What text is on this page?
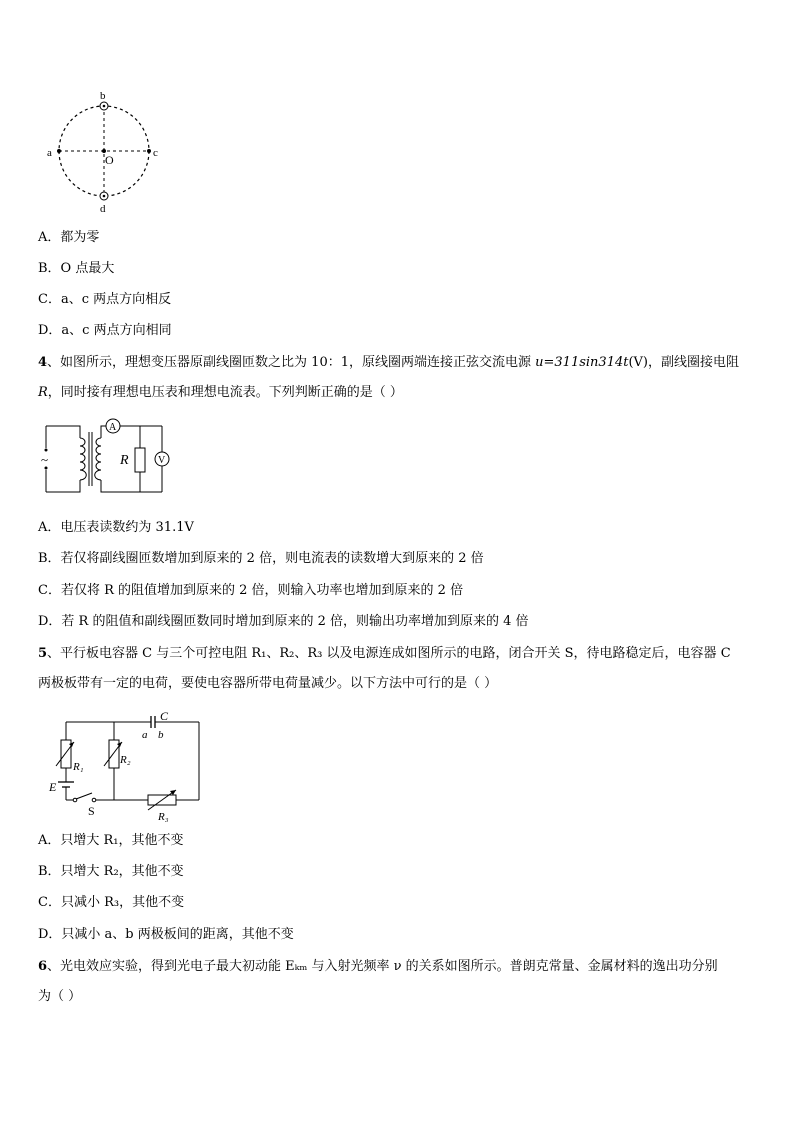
b
a	c
O
d
A．都为零
B．O 点最大
C．a、c 两点方向相反
D．a、c 两点方向相同
4、如图所示，理想变压器原副线圈匝数之比为 10：1，原线圈两端连接正弦交流电源 u=311sin314t(V)，副线圈接电阻
R，同时接有理想电压表和理想电流表。下列判断正确的是（ ）
~
A
R	V
A．电压表读数约为 31.1V
B．若仅将副线圈匝数增加到原来的 2 倍，则电流表的读数增大到原来的 2 倍
C．若仅将 R 的阻值增加到原来的 2 倍，则输入功率也增加到原来的 2 倍
D．若 R 的阻值和副线圈匝数同时增加到原来的 2 倍，则输出功率增加到原来的 4 倍
5、平行板电容器 C 与三个可控电阻 R₁、R₂、R₃ 以及电源连成如图所示的电路，闭合开关 S，待电路稳定后，电容器 C
两极板带有一定的电荷，要使电容器所带电荷量减少。以下方法中可行的是（ ）
C
a b
R₁
R₂
E
S	R₃
A．只增大 R₁，其他不变
B．只增大 R₂，其他不变
C．只减小 R₃，其他不变
D．只减小 a、b 两极板间的距离，其他不变
6、光电效应实验，得到光电子最大初动能 Eₖₘ 与入射光频率 ν 的关系如图所示。普朗克常量、金属材料的逸出功分别
为（ ）
